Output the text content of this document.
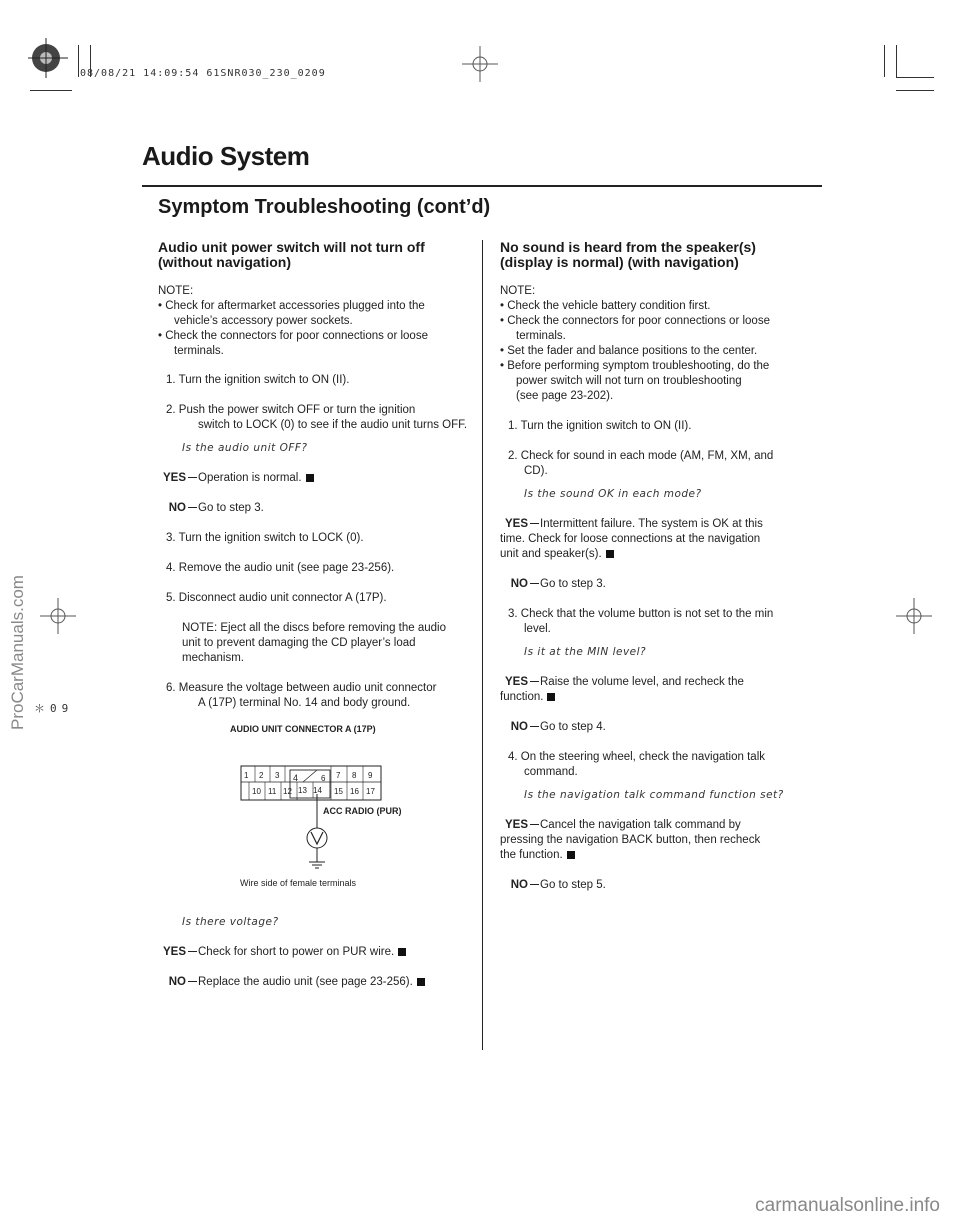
08/08/21 14:09:54 61SNR030_230_0209
ProCarManuals.com ＊09
carmanualsonline.info
Audio System
Symptom Troubleshooting (cont’d)

Audio unit power switch will not turn off
(without navigation)

NOTE:

• Check for aftermarket accessories plugged into the

vehicle’s accessory power sockets.

• Check the connectors for poor connections or loose

terminals.

1. Turn the ignition switch to ON (II).

2. Push the power switch OFF or turn the ignition

switch to LOCK (0) to see if the audio unit turns OFF.

Is the audio unit OFF?

YES Operation is normal.

NO Go to step 3.

3. Turn the ignition switch to LOCK (0).

4. Remove the audio unit (see page 23-256).

5. Disconnect audio unit connector A (17P).

NOTE: Eject all the discs before removing the audio

unit to prevent damaging the CD player’s load

mechanism.

6. Measure the voltage between audio unit connector

A (17P) terminal No. 14 and body ground.

AUDIO UNIT CONNECTOR A (17P)
1 2 3 4	6 7 8 9
10 11 12 13 14 15 16 17
ACC RADIO (PUR)
Wire side of female terminals

Is there voltage?

YES Check for short to power on PUR wire.

NO Replace the audio unit (see page 23-256).

No sound is heard from the speaker(s)
(display is normal) (with navigation)

NOTE:

• Check the vehicle battery condition first.

• Check the connectors for poor connections or loose

terminals.

• Set the fader and balance positions to the center.

• Before performing symptom troubleshooting, do the

power switch will not turn on troubleshooting

(see page 23-202).

1. Turn the ignition switch to ON (II).

2. Check for sound in each mode (AM, FM, XM, and

CD).

Is the sound OK in each mode?

YES Intermittent failure. The system is OK at this

time. Check for loose connections at the navigation

unit and speaker(s).

NO Go to step 3.

3. Check that the volume button is not set to the min

level.

Is it at the MIN level?

YES Raise the volume level, and recheck the

function.

NO Go to step 4.

4. On the steering wheel, check the navigation talk

command.

Is the navigation talk command function set?

YES Cancel the navigation talk command by

pressing the navigation BACK button, then recheck

the function.

NO Go to step 5.
